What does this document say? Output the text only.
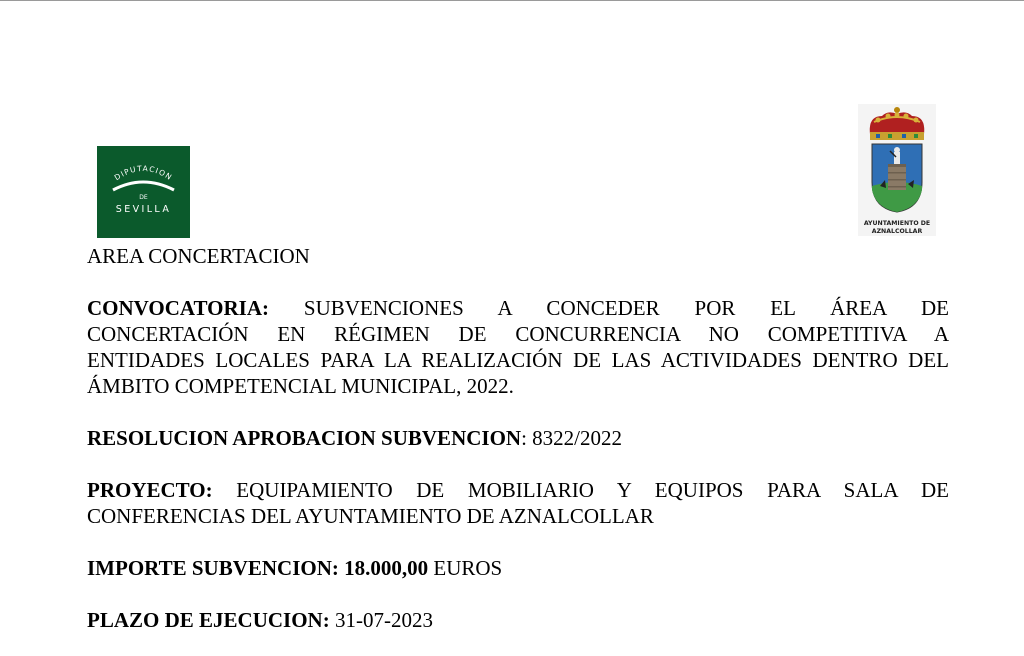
DIPUTACION
DE
SEVILLA
AYUNTAMIENTO DE
AZNALCOLLAR
AREA CONCERTACION
CONVOCATORIA: SUBVENCIONES A CONCEDER POR EL ÁREA DE
CONCERTACIÓN EN RÉGIMEN DE CONCURRENCIA NO COMPETITIVA A
ENTIDADES LOCALES PARA LA REALIZACIÓN DE LAS ACTIVIDADES DENTRO DEL
ÁMBITO COMPETENCIAL MUNICIPAL, 2022.
RESOLUCION APROBACION SUBVENCION: 8322/2022
PROYECTO: EQUIPAMIENTO DE MOBILIARIO Y EQUIPOS PARA SALA DE
CONFERENCIAS DEL AYUNTAMIENTO DE AZNALCOLLAR
IMPORTE SUBVENCION: 18.000,00 EUROS
PLAZO DE EJECUCION: 31-07-2023
